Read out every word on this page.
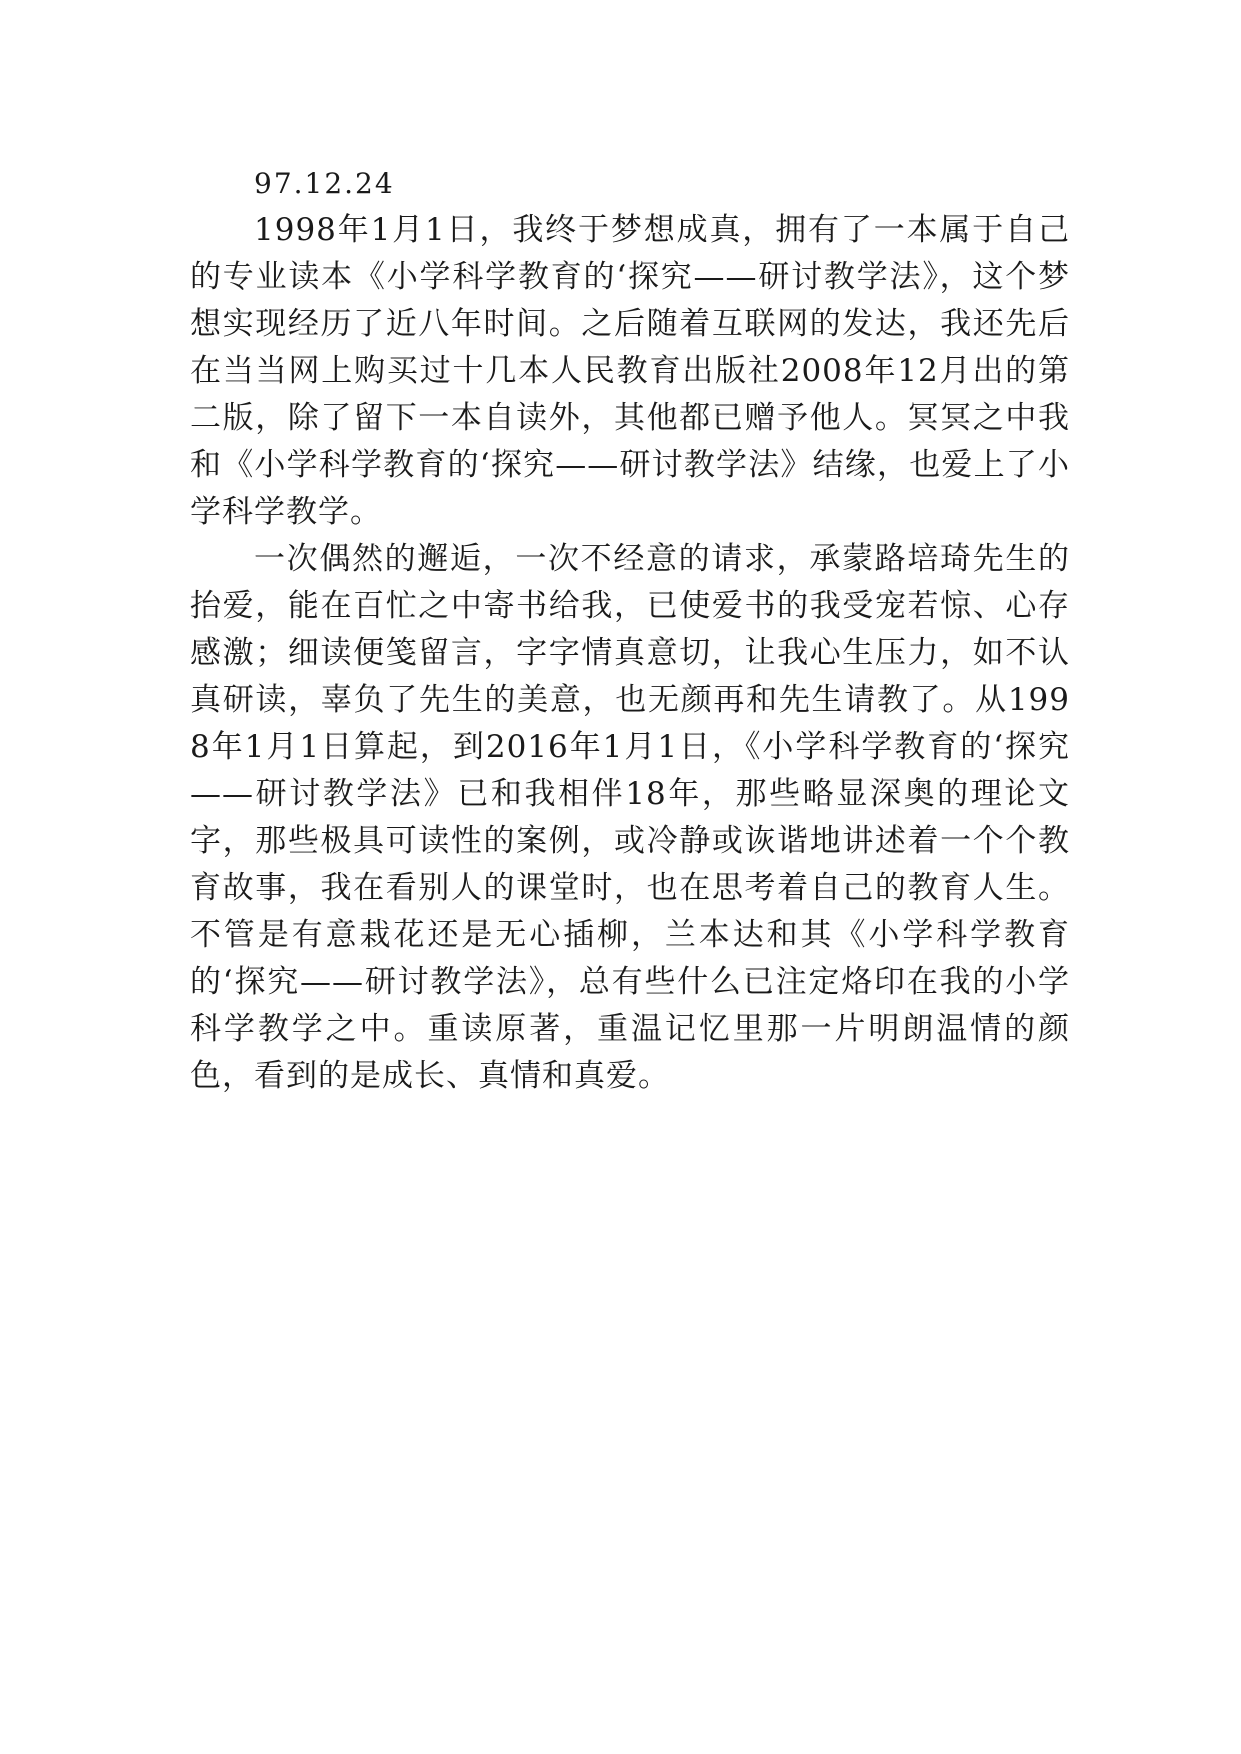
97.12.24

1998年1月1日，我终于梦想成真，拥有了一本属于自己的专业读本《小学科学教育的‘探究——研讨教学法》，这个梦想实现经历了近八年时间。之后随着互联网的发达，我还先后在当当网上购买过十几本人民教育出版社2008年12月出的第二版，除了留下一本自读外，其他都已赠予他人。冥冥之中我和《小学科学教育的‘探究——研讨教学法》结缘，也爱上了小学科学教学。

一次偶然的邂逅，一次不经意的请求，承蒙路培琦先生的抬爱，能在百忙之中寄书给我，已使爱书的我受宠若惊、心存感激；细读便笺留言，字字情真意切，让我心生压力，如不认真研读，辜负了先生的美意，也无颜再和先生请教了。从1998年1月1日算起，到2016年1月1日，《小学科学教育的‘探究——研讨教学法》已和我相伴18年，那些略显深奥的理论文字，那些极具可读性的案例，或冷静或诙谐地讲述着一个个教育故事，我在看别人的课堂时，也在思考着自己的教育人生。不管是有意栽花还是无心插柳，兰本达和其《小学科学教育的‘探究——研讨教学法》，总有些什么已注定烙印在我的小学科学教学之中。重读原著，重温记忆里那一片明朗温情的颜色，看到的是成长、真情和真爱。
